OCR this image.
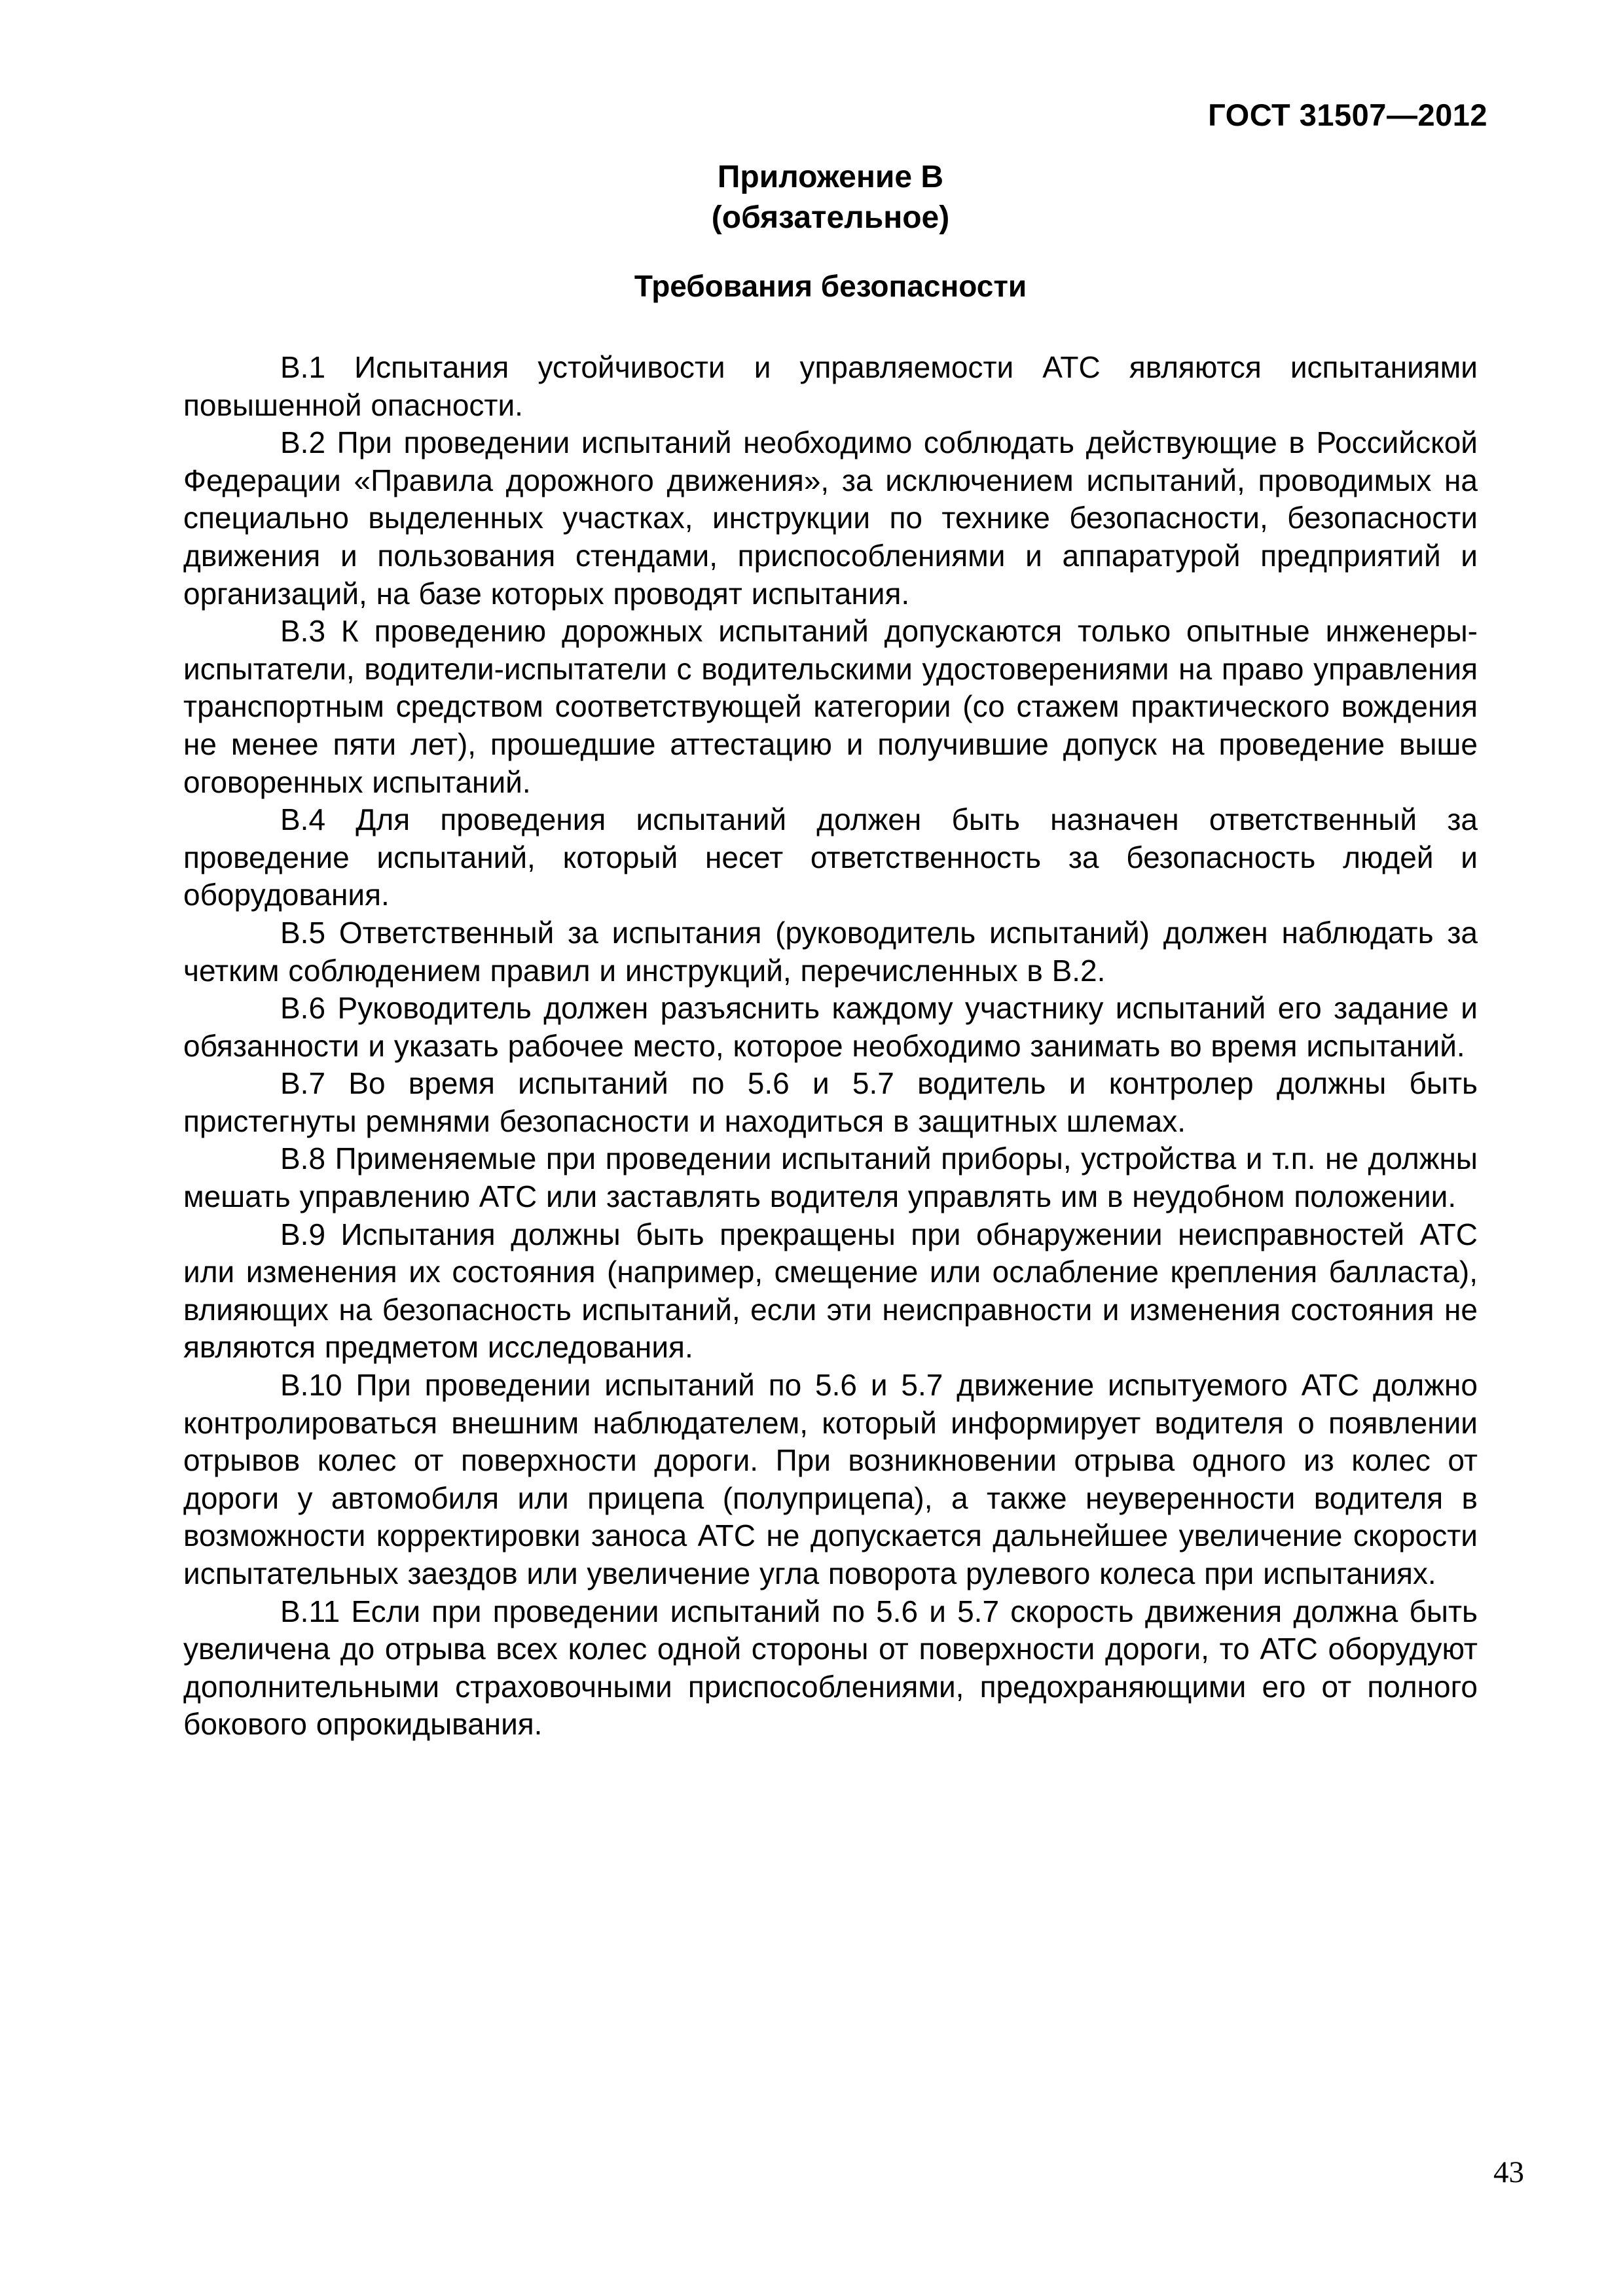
ГОСТ 31507—2012
Приложение В
(обязательное)
Требования безопасности

В.1 Испытания устойчивости и управляемости АТС являются испытаниями повышенной опасности.

В.2 При проведении испытаний необходимо соблюдать действующие в Российской Федерации «Правила дорожного движения», за исключением испытаний, проводимых на специально выделенных участках, инструкции по технике безопасности, безопасности движения и пользования стендами, приспособлениями и аппаратурой предприятий и организаций, на базе которых проводят испытания.

В.3 К проведению дорожных испытаний допускаются только опытные инженеры-испытатели, водители-испытатели с водительскими удостоверениями на право управления транспортным средством соответствующей категории (со стажем практического вождения не менее пяти лет), прошедшие аттестацию и получившие допуск на проведение выше оговоренных испытаний.

В.4 Для проведения испытаний должен быть назначен ответственный за проведение испытаний, который несет ответственность за безопасность людей и оборудования.

В.5 Ответственный за испытания (руководитель испытаний) должен наблюдать за четким соблюдением правил и инструкций, перечисленных в В.2.

В.6 Руководитель должен разъяснить каждому участнику испытаний его задание и обязанности и указать рабочее место, которое необходимо занимать во время испытаний.

В.7 Во время испытаний по 5.6 и 5.7 водитель и контролер должны быть пристегнуты ремнями безопасности и находиться в защитных шлемах.

В.8 Применяемые при проведении испытаний приборы, устройства и т.п. не должны мешать управлению АТС или заставлять водителя управлять им в неудобном положении.

В.9 Испытания должны быть прекращены при обнаружении неисправностей АТС или изменения их состояния (например, смещение или ослабление крепления балласта), влияющих на безопасность испытаний, если эти неисправности и изменения состояния не являются предметом исследования.

В.10 При проведении испытаний по 5.6 и 5.7 движение испытуемого АТС должно контролироваться внешним наблюдателем, который информирует водителя о появлении отрывов колес от поверхности дороги. При возникновении отрыва одного из колес от дороги у автомобиля или прицепа (полуприцепа), а также неуверенности водителя в возможности корректировки заноса АТС не допускается дальнейшее увеличение скорости испытательных заездов или увеличение угла поворота рулевого колеса при испытаниях.

В.11 Если при проведении испытаний по 5.6 и 5.7 скорость движения должна быть увеличена до отрыва всех колес одной стороны от поверхности дороги, то АТС оборудуют дополнительными страховочными приспособлениями, предохраняющими его от полного бокового опрокидывания.

43
